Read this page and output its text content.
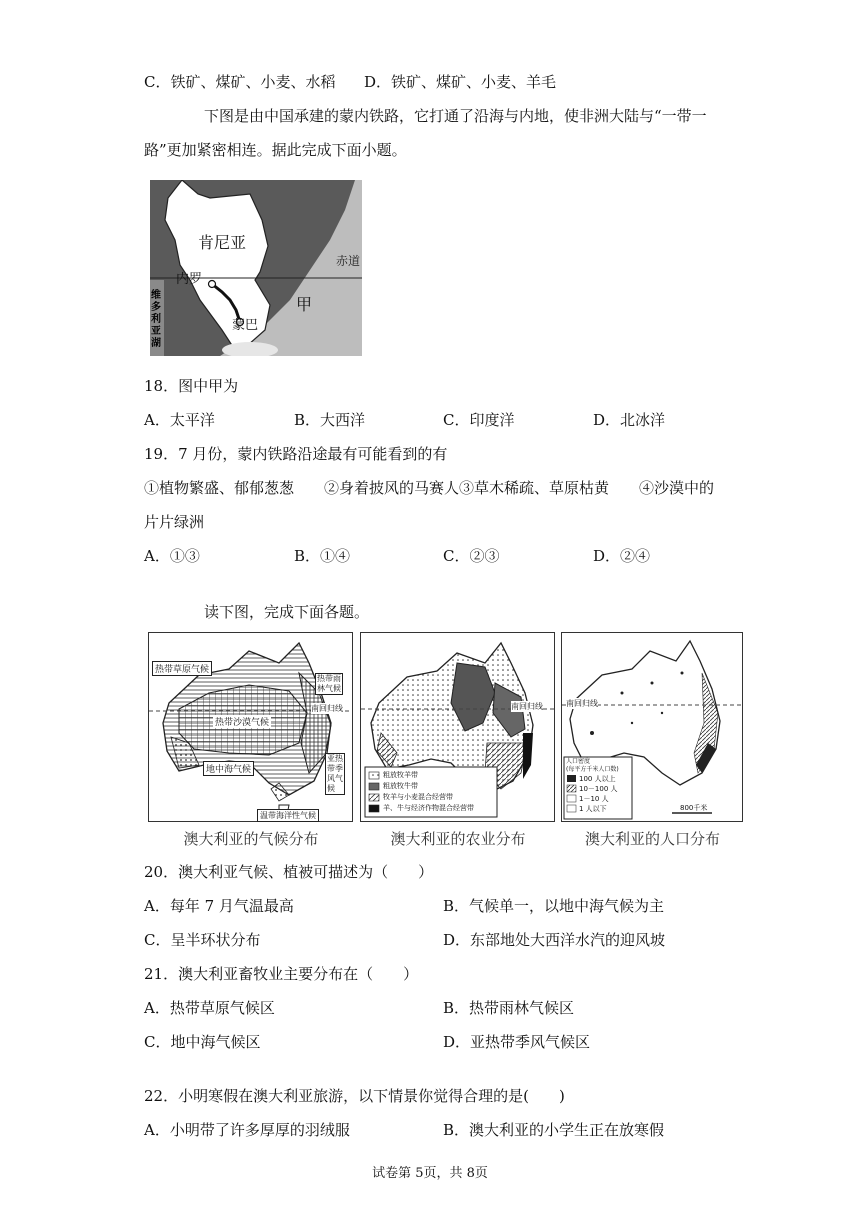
C．铁矿、煤矿、小麦、水稻 D．铁矿、煤矿、小麦、羊毛
下图是由中国承建的蒙内铁路，它打通了沿海与内地，使非洲大陆与“一带一
路”更加紧密相连。据此完成下面小题。
肯尼亚
赤道
内罗
蒙巴
甲
维
多
利
亚
湖
18．图中甲为
A．太平洋	B．大西洋	C．印度洋	D．北冰洋
19．7 月份，蒙内铁路沿途最有可能看到的有
①植物繁盛、郁郁葱葱　　②身着披风的马赛人③草木稀疏、草原枯黄　　④沙漠中的
片片绿洲
A．①③	B．①④	C．②③	D．②④
读下图，完成下面各题。
热带草原气候
热带雨
林气候
热带沙漠气候
南回归线
地中海气候
亚热
带季
风气
候
温带海洋性气候
澳大利亚的气候分布
南回归线
粗放牧羊带
粗放牧牛带
牧羊与小麦混合经营带
羊、牛与经济作物混合经营带
澳大利亚的农业分布
南回归线
人口密度
(每平方千米人口数)
100 人以上
10－100 人
1－10 人
1 人以下	800千米
澳大利亚的人口分布
20．澳大利亚气候、植被可描述为（　　）
A．每年 7 月气温最高	B．气候单一，以地中海气候为主
C．呈半环状分布	D．东部地处大西洋水汽的迎风坡
21．澳大利亚畜牧业主要分布在（　　）
A．热带草原气候区	B．热带雨林气候区
C．地中海气候区	D．亚热带季风气候区
22．小明寒假在澳大利亚旅游，以下情景你觉得合理的是(　　)
A．小明带了许多厚厚的羽绒服	B．澳大利亚的小学生正在放寒假
试卷第 5页，共 8页
